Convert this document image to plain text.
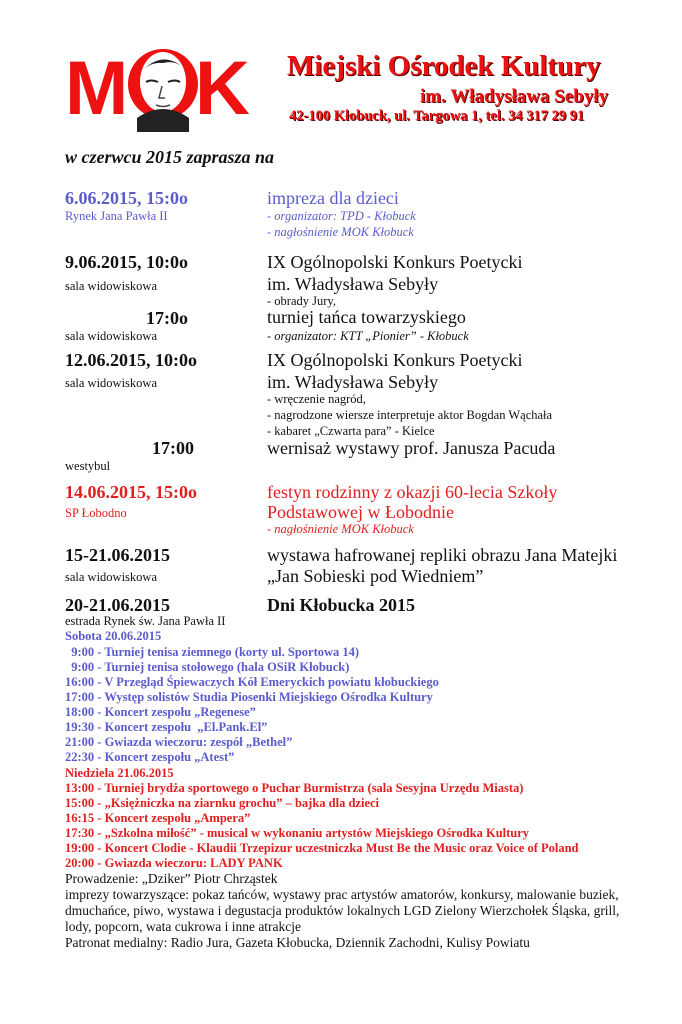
M K Miejski Ośrodek Kultury
im. Władysława Sebyły
42-100 Kłobuck, ul. Targowa 1, tel. 34 317 29 91
w czerwcu 2015 zaprasza na
6.06.2015, 15:0o
Rynek Jana Pawła II
impreza dla dzieci
- organizator: TPD - Kłobuck
- nagłośnienie MOK Kłobuck
9.06.2015, 10:0o
sala widowiskowa
IX Ogólnopolski Konkurs Poetycki
im. Władysława Sebyły
- obrady Jury,
17:0o
sala widowiskowa
turniej tańca towarzyskiego
- organizator: KTT „Pionier” - Kłobuck
12.06.2015, 10:0o
sala widowiskowa
IX Ogólnopolski Konkurs Poetycki
im. Władysława Sebyły
- wręczenie nagród,
- nagrodzone wiersze interpretuje aktor Bogdan Wąchała
- kabaret „Czwarta para” - Kielce
17:00
westybul
wernisaż wystawy prof. Janusza Pacuda
14.06.2015, 15:0o
SP Łobodno
festyn rodzinny z okazji 60-lecia Szkoły
Podstawowej w Łobodnie
- nagłośnienie MOK Kłobuck
15-21.06.2015
sala widowiskowa
wystawa hafrowanej repliki obrazu Jana Matejki
„Jan Sobieski pod Wiedniem”
20-21.06.2015
estrada Rynek św. Jana Pawła II
Dni Kłobucka 2015
Sobota 20.06.2015
9:00 - Turniej tenisa ziemnego (korty ul. Sportowa 14)
9:00 - Turniej tenisa stołowego (hala OSiR Kłobuck)
16:00 - V Przegląd Śpiewaczych Kół Emeryckich powiatu kłobuckiego
17:00 - Występ solistów Studia Piosenki Miejskiego Ośrodka Kultury
18:00 - Koncert zespołu „Regenese”
19:30 - Koncert zespołu  „El.Pank.El”
21:00 - Gwiazda wieczoru: zespół „Bethel”
22:30 - Koncert zespołu „Atest”
Niedziela 21.06.2015
13:00 - Turniej brydża sportowego o Puchar Burmistrza (sala Sesyjna Urzędu Miasta)
15:00 - „Księżniczka na ziarnku grochu” – bajka dla dzieci
16:15 - Koncert zespołu „Ampera”
17:30 - „Szkolna miłość” - musical w wykonaniu artystów Miejskiego Ośrodka Kultury
19:00 - Koncert Clodie - Klaudii Trzepizur uczestniczka Must Be the Music oraz Voice of Poland
20:00 - Gwiazda wieczoru: LADY PANK
Prowadzenie: „Dziker” Piotr Chrząstek
imprezy towarzyszące: pokaz tańców, wystawy prac artystów amatorów, konkursy, malowanie buziek,
dmuchańce, piwo, wystawa i degustacja produktów lokalnych LGD Zielony Wierzchołek Śląska, grill,
lody, popcorn, wata cukrowa i inne atrakcje
Patronat medialny: Radio Jura, Gazeta Kłobucka, Dziennik Zachodni, Kulisy Powiatu
